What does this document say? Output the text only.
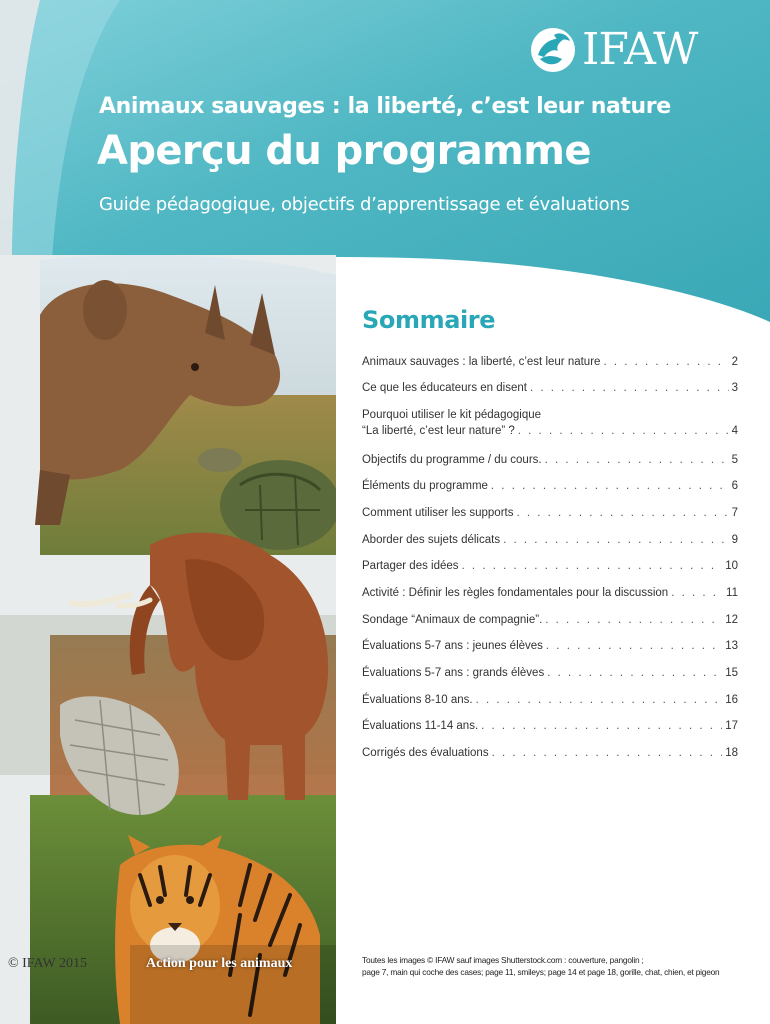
IFAW
Animaux sauvages : la liberté, c’est leur nature
Aperçu du programme

Guide pédagogique, objectifs d’apprentissage et évaluations

Sommaire
Animaux sauvages : la liberté, c’est leur nature . . .	2
Ce que les éducateurs en disent . . .	3
Pourquoi utiliser le kit pédagogique
“La liberté, c’est leur nature” ? . . .	4
Objectifs du programme / du cours. . . .	5
Éléments du programme . . .	6
Comment utiliser les supports . . .	7
Aborder des sujets délicats . . .	9
Partager des idées . . .	10
Activité : Définir les règles fondamentales pour la discussion . . .	11
Sondage “Animaux de compagnie”. . . .	12
Évaluations 5-7 ans : jeunes élèves . . .	13
Évaluations 5-7 ans : grands élèves . . .	15
Évaluations 8-10 ans. . . .	16
Évaluations 11-14 ans. . . .	17
Corrigés des évaluations . . .	18

© IFAW 2015	Action pour les animaux	Toutes les images © IFAW sauf images Shutterstock.com : couverture, pangolin ;
page 7, main qui coche des cases; page 11, smileys; page 14 et page 18, gorille, chat, chien, et pigeon
